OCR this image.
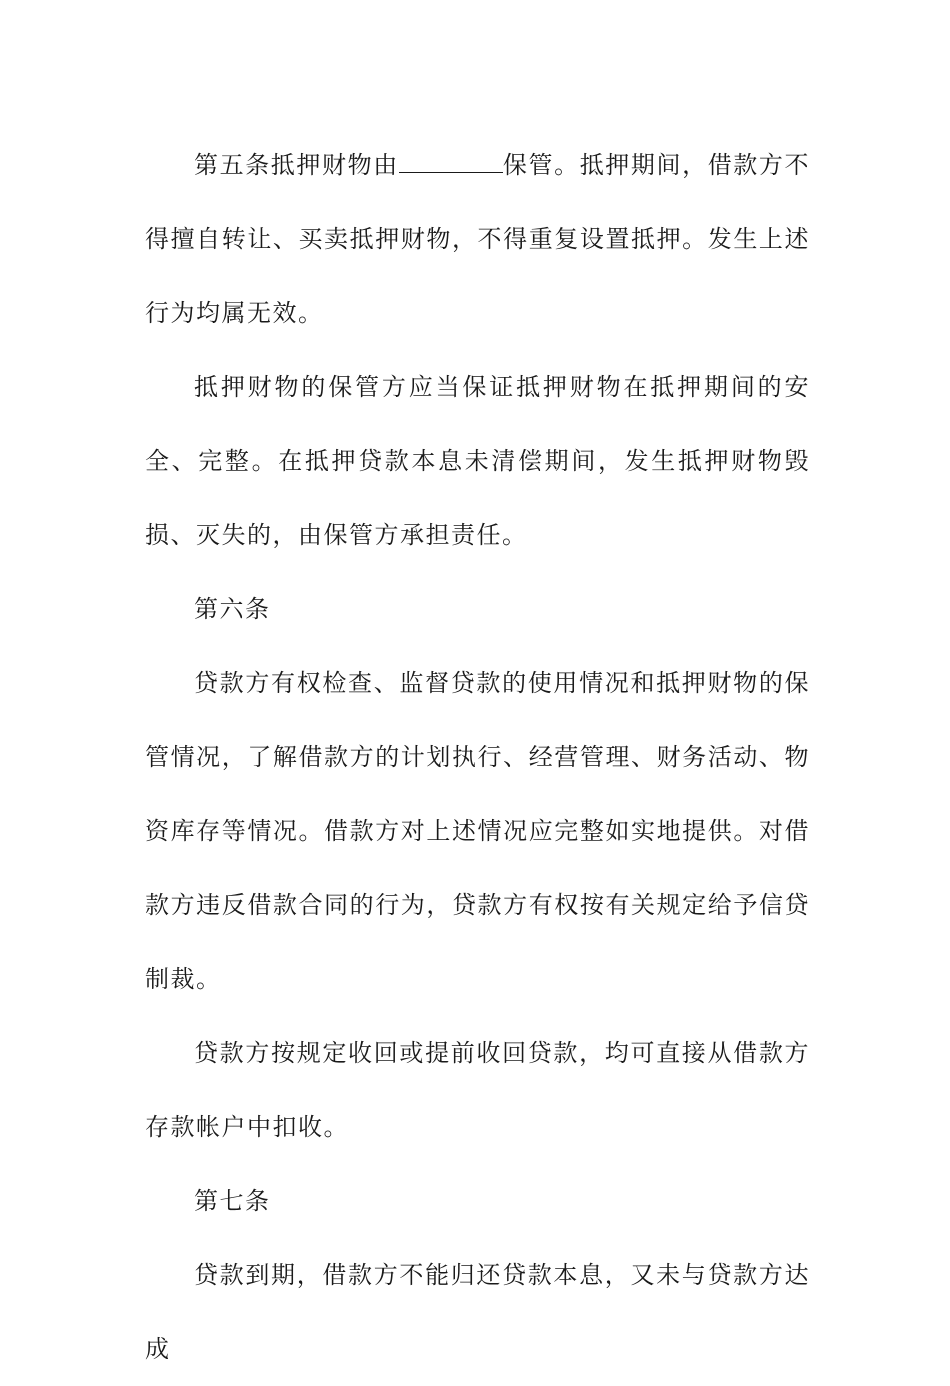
第五条抵押财物由	保管。抵押期间，借款方不得擅自转让、买卖抵押财物，不得重复设置抵押。发生上述行为均属无效。

抵押财物的保管方应当保证抵押财物在抵押期间的安全、完整。在抵押贷款本息未清偿期间，发生抵押财物毁损、灭失的，由保管方承担责任。

第六条

贷款方有权检查、监督贷款的使用情况和抵押财物的保管情况，了解借款方的计划执行、经营管理、财务活动、物资库存等情况。借款方对上述情况应完整如实地提供。对借款方违反借款合同的行为，贷款方有权按有关规定给予信贷制裁。

贷款方按规定收回或提前收回贷款，均可直接从借款方存款帐户中扣收。

第七条

贷款到期，借款方不能归还贷款本息，又未与贷款方达成
